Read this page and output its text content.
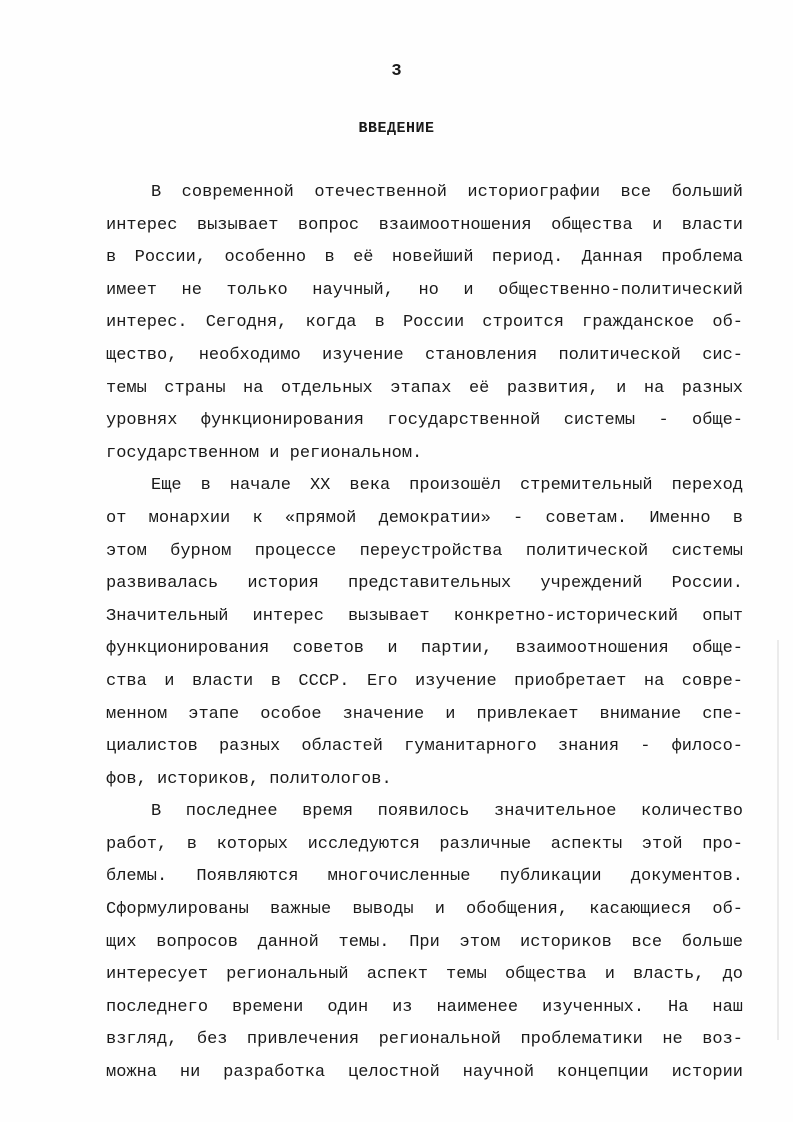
3
ВВЕДЕНИЕ
В современной отечественной историографии все больший
интерес вызывает вопрос взаимоотношения общества и власти
в России, особенно в её новейший период. Данная проблема
имеет не только научный, но и общественно-политический
интерес. Сегодня, когда в России строится гражданское об-
щество, необходимо изучение становления политической сис-
темы страны на отдельных этапах её развития, и на разных
уровнях функционирования государственной системы - обще-
государственном и региональном.
Еще в начале XX века произошёл стремительный переход
от монархии к «прямой демократии» - советам. Именно в
этом бурном процессе переустройства политической системы
развивалась история представительных учреждений России.
Значительный интерес вызывает конкретно-исторический опыт
функционирования советов и партии, взаимоотношения обще-
ства и власти в СССР. Его изучение приобретает на совре-
менном этапе особое значение и привлекает внимание спе-
циалистов разных областей гуманитарного знания - филосо-
фов, историков, политологов.
В последнее время появилось значительное количество
работ, в которых исследуются различные аспекты этой про-
блемы. Появляются многочисленные публикации документов.
Сформулированы важные выводы и обобщения, касающиеся об-
щих вопросов данной темы. При этом историков все больше
интересует региональный аспект темы общества и власть, до
последнего времени один из наименее изученных. На наш
взгляд, без привлечения региональной проблематики не воз-
можна ни разработка целостной научной концепции истории
